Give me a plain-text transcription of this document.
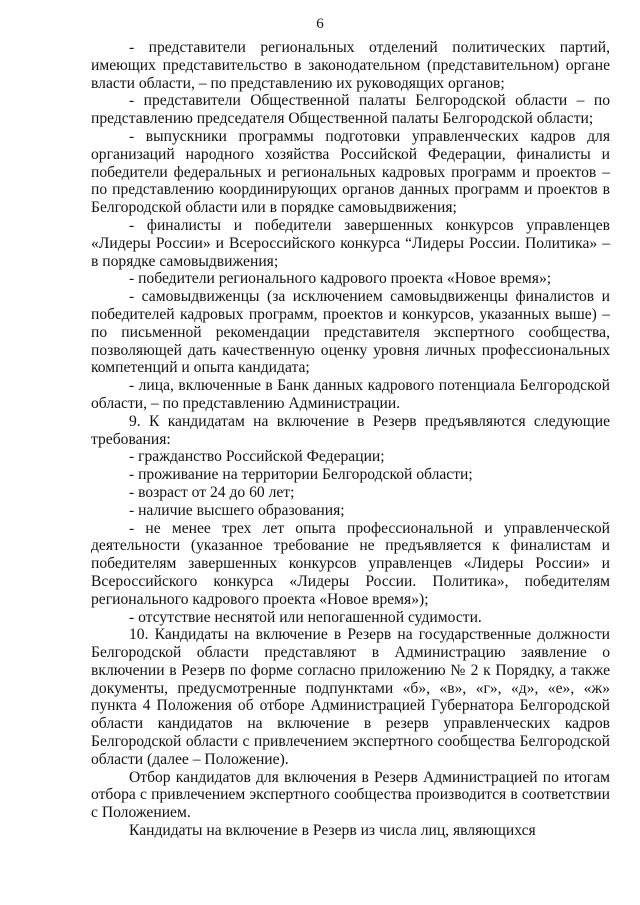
6

- представители региональных отделений политических партий, имеющих представительство в законодательном (представительном) органе власти области, – по представлению их руководящих органов;

- представители Общественной палаты Белгородской области – по представлению председателя Общественной палаты Белгородской области;

- выпускники программы подготовки управленческих кадров для организаций народного хозяйства Российской Федерации, финалисты и победители федеральных и региональных кадровых программ и проектов – по представлению координирующих органов данных программ и проектов в Белгородской области или в порядке самовыдвижения;

- финалисты и победители завершенных конкурсов управленцев «Лидеры России» и Всероссийского конкурса “Лидеры России. Политика» – в порядке самовыдвижения;

- победители регионального кадрового проекта «Новое время»;

- самовыдвиженцы (за исключением самовыдвиженцы финалистов и победителей кадровых программ, проектов и конкурсов, указанных выше) – по письменной рекомендации представителя экспертного сообщества, позволяющей дать качественную оценку уровня личных профессиональных компетенций и опыта кандидата;

- лица, включенные в Банк данных кадрового потенциала Белгородской области, – по представлению Администрации.

9. К кандидатам на включение в Резерв предъявляются следующие требования:

- гражданство Российской Федерации;

- проживание на территории Белгородской области;

- возраст от 24 до 60 лет;

- наличие высшего образования;

- не менее трех лет опыта профессиональной и управленческой деятельности (указанное требование не предъявляется к финалистам и победителям завершенных конкурсов управленцев «Лидеры России» и Всероссийского конкурса «Лидеры России. Политика», победителям регионального кадрового проекта «Новое время»);

- отсутствие неснятой или непогашенной судимости.

10. Кандидаты на включение в Резерв на государственные должности Белгородской области представляют в Администрацию заявление о включении в Резерв по форме согласно приложению № 2 к Порядку, а также документы, предусмотренные подпунктами «б», «в», «г», «д», «е», «ж» пункта 4 Положения об отборе Администрацией Губернатора Белгородской области кандидатов на включение в резерв управленческих кадров Белгородской области с привлечением экспертного сообщества Белгородской области (далее – Положение).

Отбор кандидатов для включения в Резерв Администрацией по итогам отбора с привлечением экспертного сообщества производится в соответствии с Положением.

Кандидаты на включение в Резерв из числа лиц, являющихся
